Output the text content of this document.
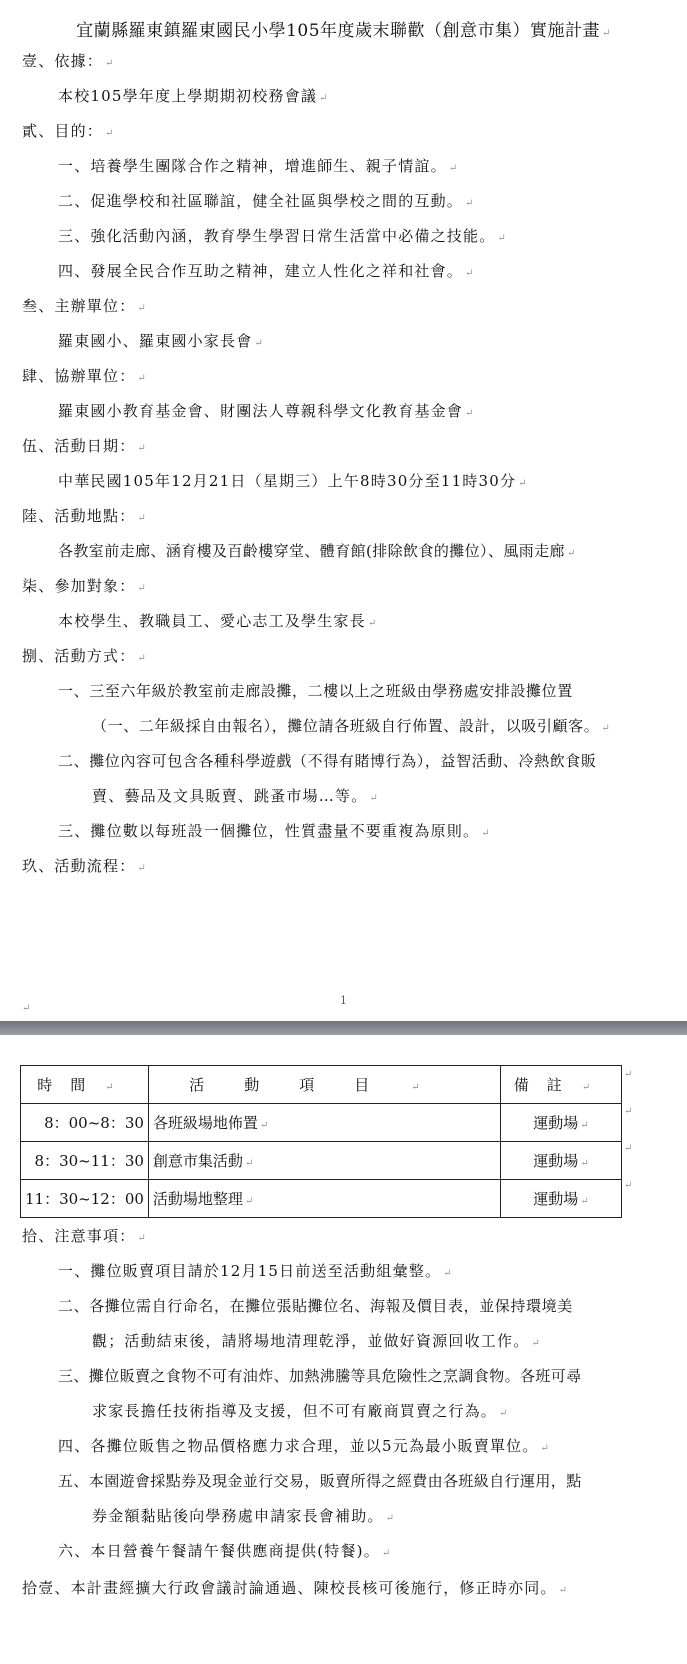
宜蘭縣羅東鎮羅東國民小學105年度歲末聯歡（創意市集）實施計畫 ↵
壹、依據： ↵
本校105學年度上學期期初校務會議 ↵
貳、目的： ↵
一、培養學生團隊合作之精神，增進師生、親子情誼。 ↵
二、促進學校和社區聯誼，健全社區與學校之間的互動。 ↵
三、強化活動內涵，教育學生學習日常生活當中必備之技能。 ↵
四、發展全民合作互助之精神，建立人性化之祥和社會。 ↵
叁、主辦單位： ↵
羅東國小、羅東國小家長會 ↵
肆、協辦單位： ↵
羅東國小教育基金會、財團法人尊親科學文化教育基金會 ↵
伍、活動日期： ↵
中華民國105年12月21日（星期三）上午8時30分至11時30分 ↵
陸、活動地點： ↵
各教室前走廊、涵育樓及百齡樓穿堂、體育館(排除飲食的攤位）、風雨走廊 ↵
柒、參加對象： ↵
本校學生、教職員工、愛心志工及學生家長 ↵
捌、活動方式： ↵
一、三至六年級於教室前走廊設攤，二樓以上之班級由學務處安排設攤位置
（一、二年級採自由報名），攤位請各班級自行佈置、設計，以吸引顧客。 ↵
二、攤位內容可包含各種科學遊戲（不得有賭博行為），益智活動、冷熱飲食販
賣、藝品及文具販賣、跳蚤市場…等。 ↵
三、攤位數以每班設一個攤位，性質盡量不要重複為原則。 ↵
玖、活動流程： ↵
1
↵
時間 ↵	活動項目 ↵	備註 ↵
8：00~8：30	各班級場地佈置 ↵	運動場 ↵
8：30~11：30	創意市集活動 ↵	運動場 ↵
11：30~12：00	活動場地整理 ↵	運動場 ↵
↵
↵
↵
↵
拾、注意事項： ↵
一、攤位販賣項目請於12月15日前送至活動組彙整。 ↵
二、各攤位需自行命名，在攤位張貼攤位名、海報及價目表，並保持環境美
觀；活動結束後，請將場地清理乾淨，並做好資源回收工作。 ↵
三、攤位販賣之食物不可有油炸、加熱沸騰等具危險性之烹調食物。各班可尋
求家長擔任技術指導及支援，但不可有廠商買賣之行為。 ↵
四、各攤位販售之物品價格應力求合理，並以5元為最小販賣單位。 ↵
五、本園遊會採點券及現金並行交易，販賣所得之經費由各班級自行運用，點
券金額黏貼後向學務處申請家長會補助。 ↵
六、本日營養午餐請午餐供應商提供(特餐)。 ↵
拾壹、本計畫經擴大行政會議討論通過、陳校長核可後施行，修正時亦同。 ↵
